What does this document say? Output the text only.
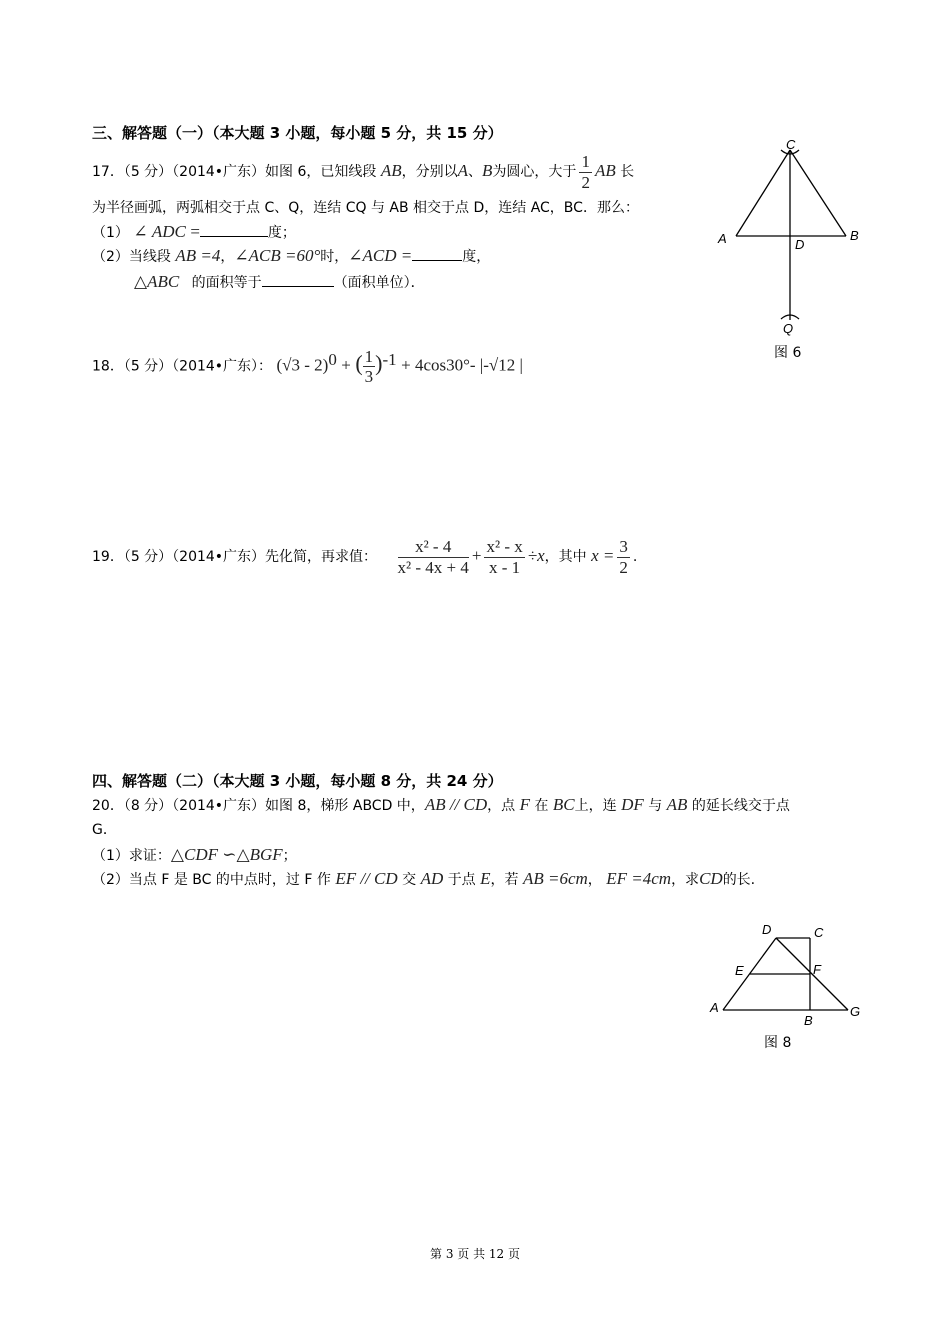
三、解答题（一）（本大题 3 小题，每小题 5 分，共 15 分）
17．（5 分）（2014•广东）如图 6，已知线段 AB，分别以A、B为圆心，大于 $\frac{1}{2}$ AB 长
为半径画弧，两弧相交于点 C、Q，连结 CQ 与 AB 相交于点 D，连结 AC，BC．那么：
（1） ∠ ADC =	度；
（2）当线段 AB =4，∠ACB =60°时，∠ACD =	度，
△ABC 的面积等于	（面积单位）．
C
A	D
B
Q
图 6
18．（5 分）（2014•广东）： (√3 - 2)$^0$ + ( $\frac{1}{3} )^{-1} + 4\cos 30^\circ-$ |-√12 |
19．（5 分）（2014•广东）先化简，再求值： $\frac{\text{x² - 4}}{\text{x² - 4x + 4}} + \frac{\text{x² - x}}{x - 1} \div x$，其中 $x = \frac{3}{2}$ .
四、解答题（二）（本大题 3 小题，每小题 8 分，共 24 分）
20．（8 分）（2014•广东）如图 8，梯形 ABCD 中，AB // CD，点 F 在 BC上，连 DF 与 AB 的延长线交于点
G．
（1）求证：△CDF ∽△BGF；
（2）当点 F 是 BC 的中点时，过 F 作 EF // CD 交 AD 于点 E，若 AB =6cm， EF =4cm，求CD的长.
D	C
E	F
A
B
G
图 8
第 3 页 共 12 页
